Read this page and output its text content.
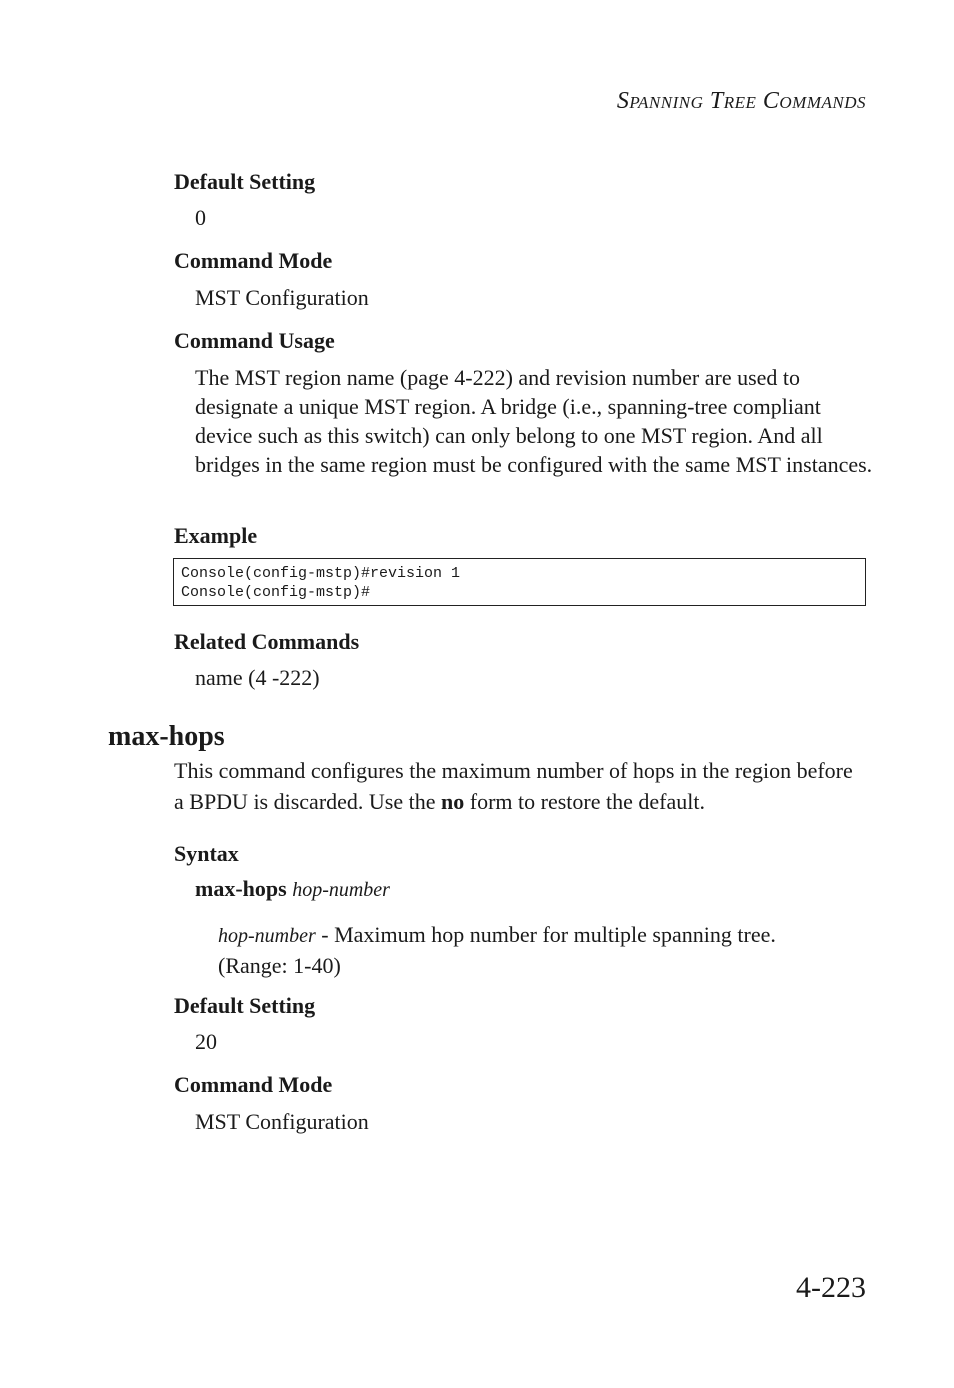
SPANNING TREE COMMANDS
Default Setting
0
Command Mode
MST Configuration
Command Usage
The MST region name (page 4-222) and revision number are used to designate a unique MST region. A bridge (i.e., spanning-tree compliant device such as this switch) can only belong to one MST region. And all bridges in the same region must be configured with the same MST instances.
Example
Console(config-mstp)#revision 1
Console(config-mstp)#
Related Commands
name (4 -222)
max-hops
This command configures the maximum number of hops in the region before a BPDU is discarded. Use the no form to restore the default.
Syntax
max-hops hop-number
hop-number - Maximum hop number for multiple spanning tree. (Range: 1-40)
Default Setting
20
Command Mode
MST Configuration
4-223
